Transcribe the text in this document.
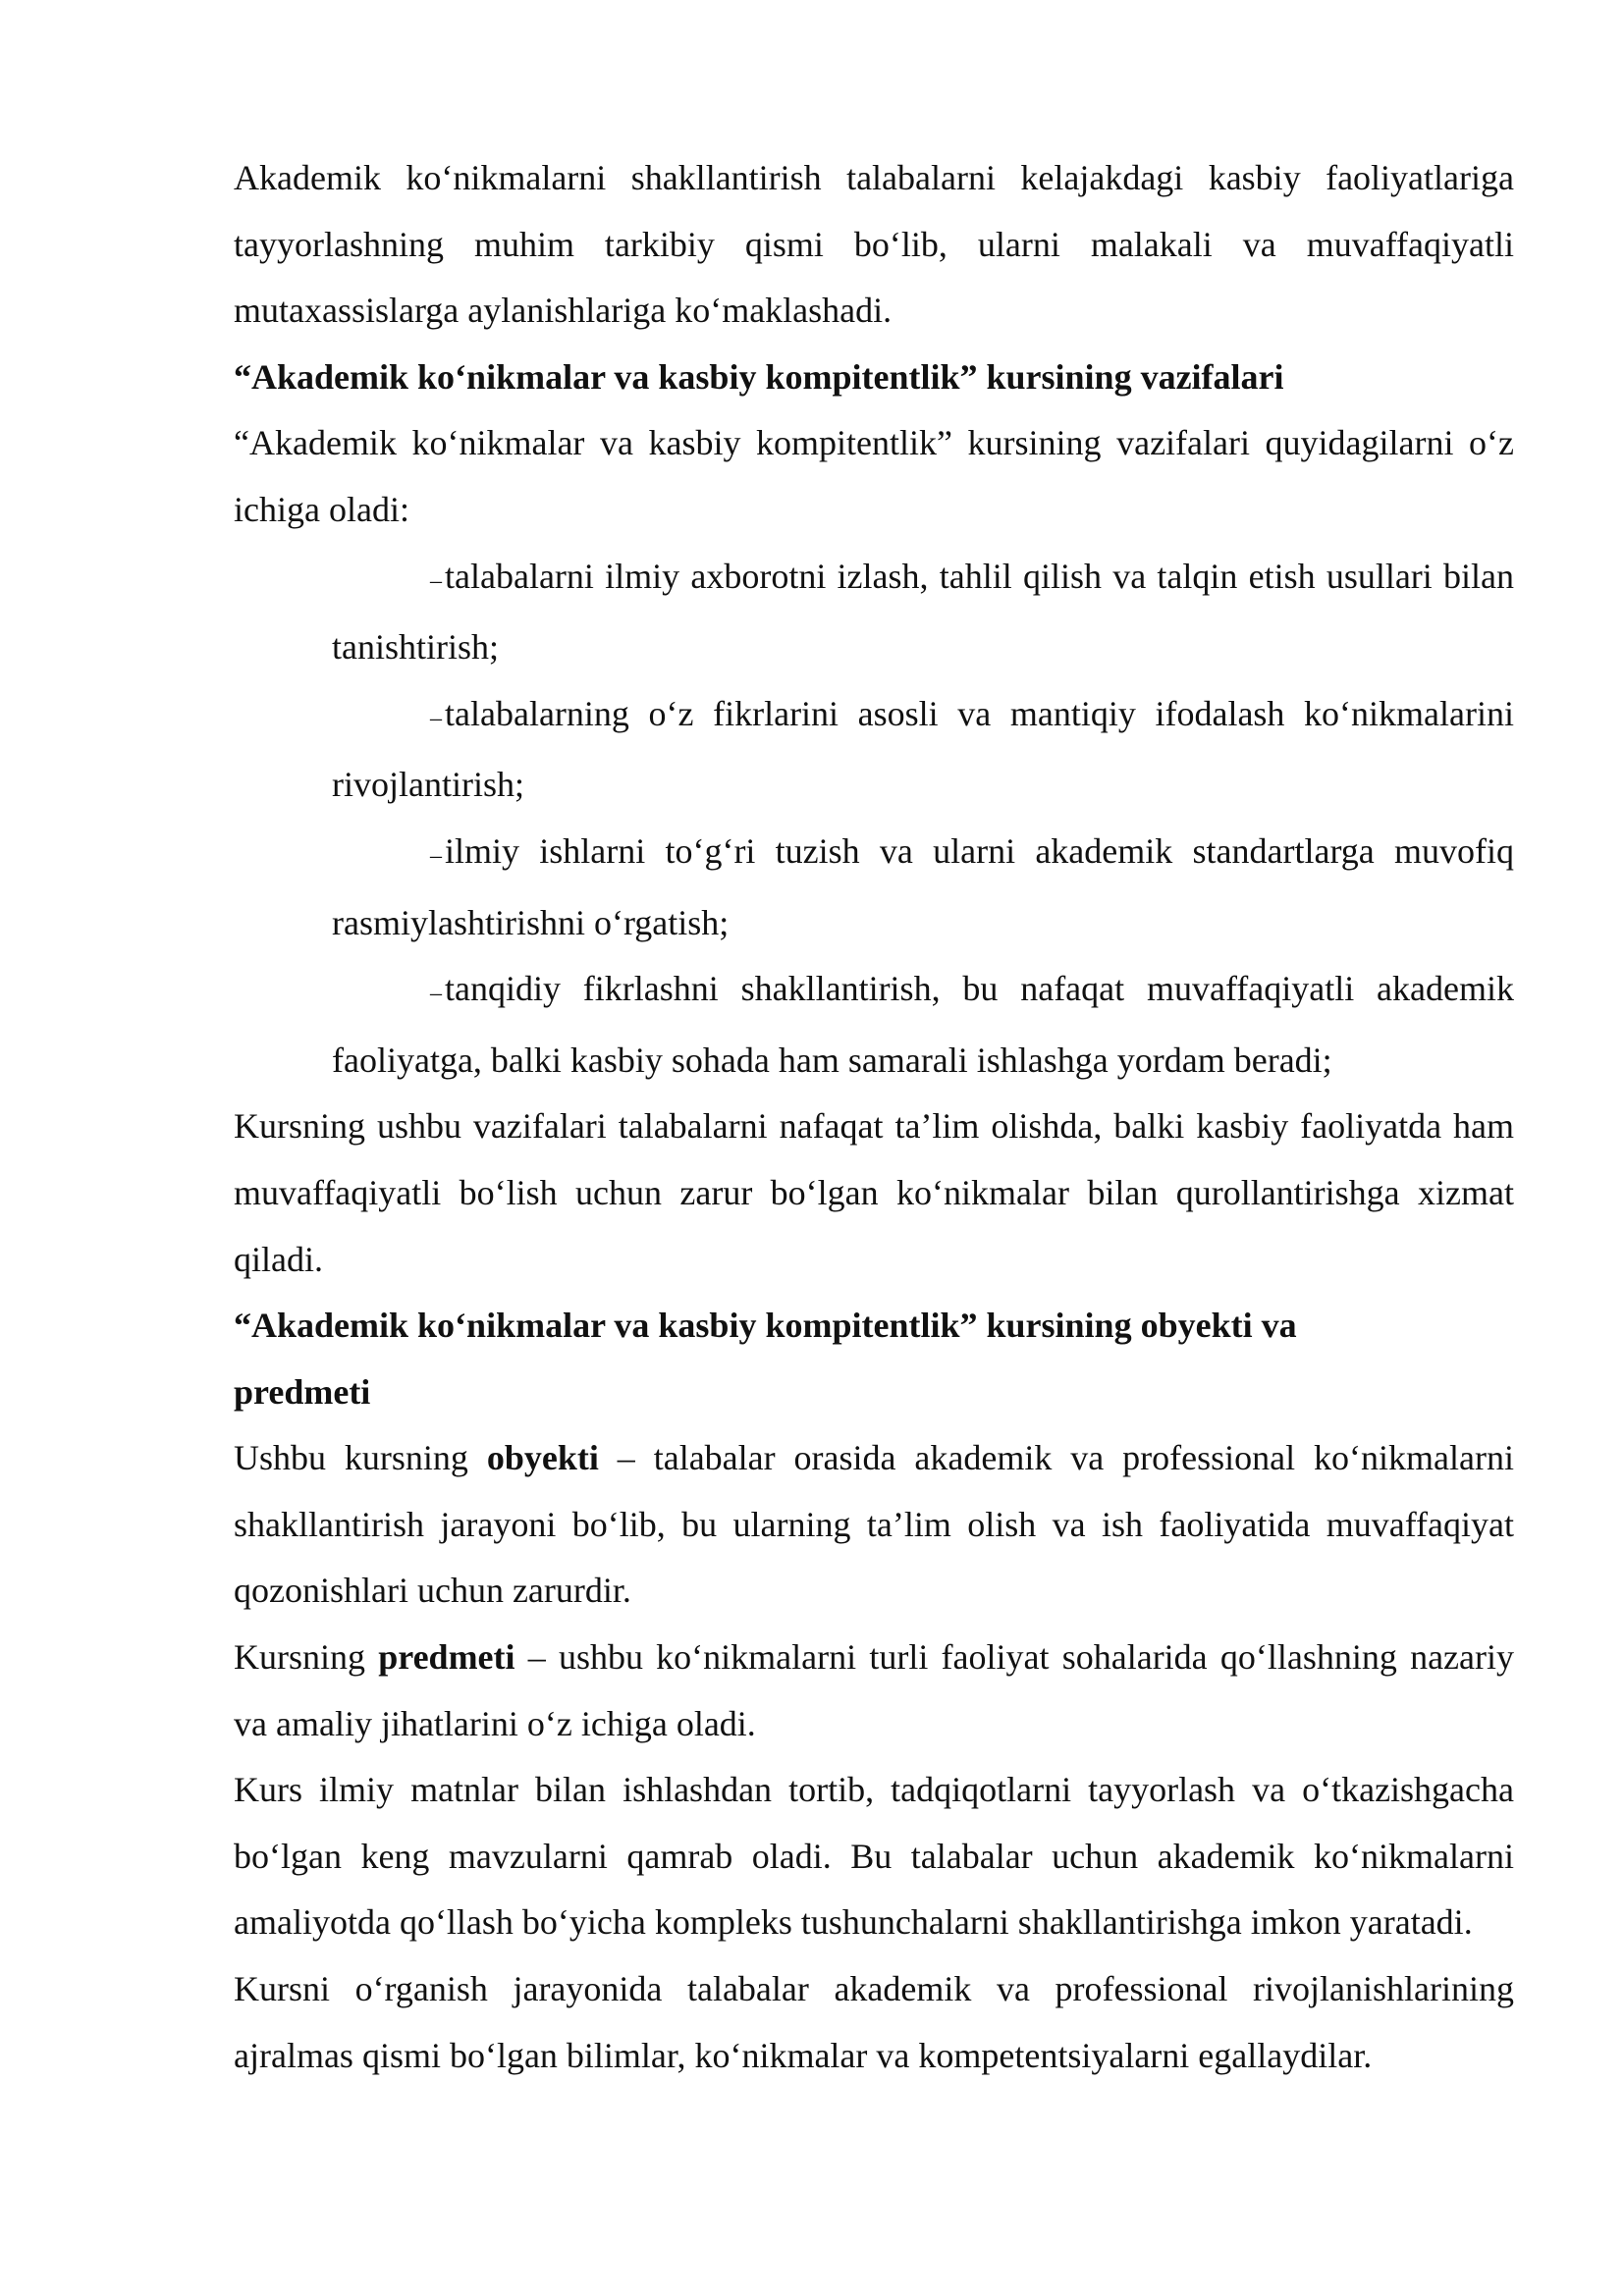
Akademik ko‘nikmalarni shakllantirish talabalarni kelajakdagi kasbiy faoliyatlariga tayyorlashning muhim tarkibiy qismi bo‘lib, ularni malakali va muvaffaqiyatli mutaxassislarga aylanishlariga ko‘maklashadi.

“Akademik ko‘nikmalar va kasbiy kompitentlik” kursining vazifalari

“Akademik ko‘nikmalar va kasbiy kompitentlik” kursining vazifalari quyidagilarni o‘z ichiga oladi:

–talabalarni ilmiy axborotni izlash, tahlil qilish va talqin etish usullari bilan tanishtirish;
–talabalarning o‘z fikrlarini asosli va mantiqiy ifodalash ko‘nikmalarini rivojlantirish;
–ilmiy ishlarni to‘g‘ri tuzish va ularni akademik standartlarga muvofiq rasmiylashtirishni o‘rgatish;
–tanqidiy fikrlashni shakllantirish, bu nafaqat muvaffaqiyatli akademik faoliyatga, balki kasbiy sohada ham samarali ishlashga yordam beradi;

Kursning ushbu vazifalari talabalarni nafaqat ta’lim olishda, balki kasbiy faoliyatda ham muvaffaqiyatli bo‘lish uchun zarur bo‘lgan ko‘nikmalar bilan qurollantirishga xizmat qiladi.

“Akademik ko‘nikmalar va kasbiy kompitentlik” kursining obyekti va
predmeti

Ushbu kursning obyekti – talabalar orasida akademik va professional ko‘nikmalarni shakllantirish jarayoni bo‘lib, bu ularning ta’lim olish va ish faoliyatida muvaffaqiyat qozonishlari uchun zarurdir.

Kursning predmeti – ushbu ko‘nikmalarni turli faoliyat sohalarida qo‘llashning nazariy va amaliy jihatlarini o‘z ichiga oladi.

Kurs ilmiy matnlar bilan ishlashdan tortib, tadqiqotlarni tayyorlash va o‘tkazishgacha bo‘lgan keng mavzularni qamrab oladi. Bu talabalar uchun akademik ko‘nikmalarni amaliyotda qo‘llash bo‘yicha kompleks tushunchalarni shakllantirishga imkon yaratadi.

Kursni o‘rganish jarayonida talabalar akademik va professional rivojlanishlarining ajralmas qismi bo‘lgan bilimlar, ko‘nikmalar va kompetentsiyalarni egallaydilar.
